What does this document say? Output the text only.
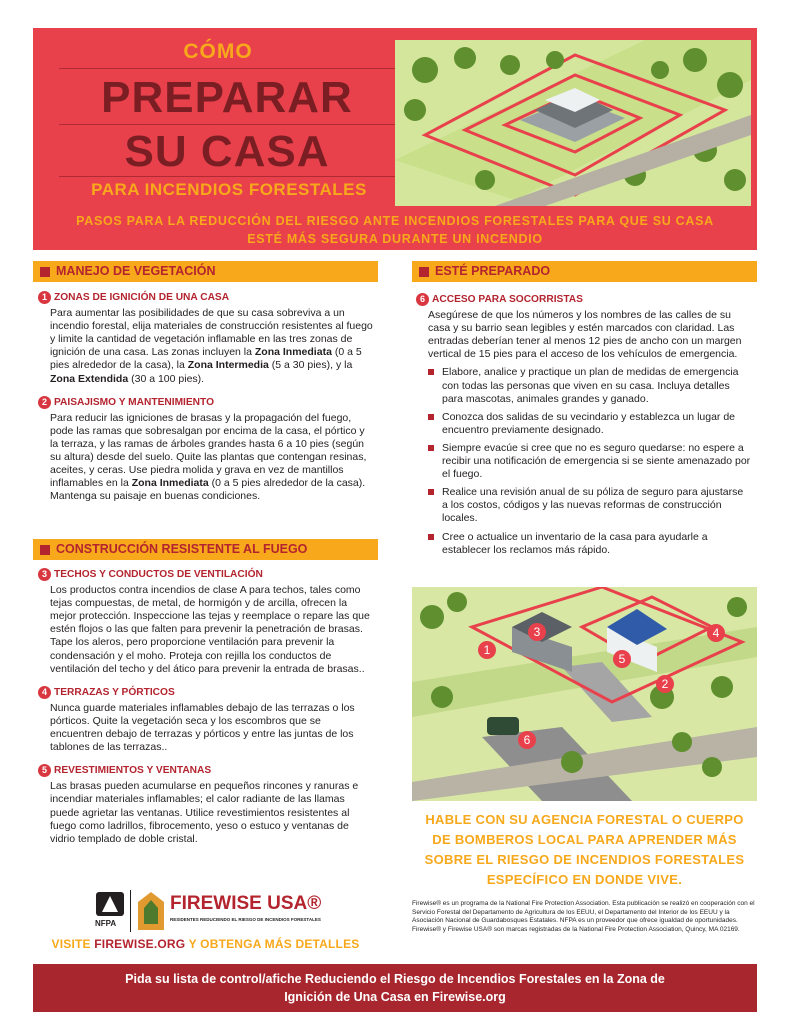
CÓMO
PREPARAR
SU CASA
PARA INCENDIOS FORESTALES
PASOS PARA LA REDUCCIÓN DEL RIESGO ANTE INCENDIOS FORESTALES PARA QUE SU CASA
ESTÉ MÁS SEGURA DURANTE UN INCENDIO
MANEJO DE VEGETACIÓN
1 ZONAS DE IGNICIÓN DE UNA CASA
Para aumentar las posibilidades de que su casa sobreviva a un incendio forestal, elija materiales de construcción resistentes al fuego y limite la cantidad de vegetación inflamable en las tres zonas de ignición de una casa. Las zonas incluyen la Zona Inmediata (0 a 5 pies alrededor de la casa), la Zona Intermedia (5 a 30 pies), y la Zona Extendida (30 a 100 pies).
2 PAISAJISMO Y MANTENIMIENTO
Para reducir las igniciones de brasas y la propagación del fuego, pode las ramas que sobresalgan por encima de la casa, el pórtico y la terraza, y las ramas de árboles grandes hasta 6 a 10 pies (según su altura) desde del suelo. Quite las plantas que contengan resinas, aceites, y ceras. Use piedra molida y grava en vez de mantillos inflamables en la Zona Inmediata (0 a 5 pies alrededor de la casa). Mantenga su paisaje en buenas condiciones.
CONSTRUCCIÓN RESISTENTE AL FUEGO
3 TECHOS Y CONDUCTOS DE VENTILACIÓN
Los productos contra incendios de clase A para techos, tales como tejas compuestas, de metal, de hormigón y de arcilla, ofrecen la mejor protección. Inspeccione las tejas y reemplace o repare las que estén flojos o las que falten para prevenir la penetración de brasas. Tape los aleros, pero proporcione ventilación para prevenir la condensación y el moho. Proteja con rejilla los conductos de ventilación del techo y del ático para prevenir la entrada de brasas..
4 TERRAZAS Y PÓRTICOS
Nunca guarde materiales inflamables debajo de las terrazas o los pórticos. Quite la vegetación seca y los escombros que se encuentren debajo de terrazas y pórticos y entre las juntas de los tablones de las terrazas..
5 REVESTIMIENTOS Y VENTANAS
Las brasas pueden acumularse en pequeños rincones y ranuras e incendiar materiales inflamables; el calor radiante de las llamas puede agrietar las ventanas. Utilice revestimientos resistentes al fuego como ladrillos, fibrocemento, yeso o estuco y ventanas de vidrio templado de doble cristal.
NFPA
FIREWISE USA®
RESIDENTES REDUCIENDO EL RIESGO DE INCENDIOS FORESTALES
VISITE FIREWISE.ORG Y OBTENGA MÁS DETALLES
ESTÉ PREPARADO
6 ACCESO PARA SOCORRISTAS
Asegúrese de que los números y los nombres de las calles de su casa y su barrio sean legibles y estén marcados con claridad. Las entradas deberían tener al menos 12 pies de ancho con un margen vertical de 15 pies para el acceso de los vehículos de emergencia.
Elabore, analice y practique un plan de medidas de emergencia con todas las personas que viven en su casa. Incluya detalles para mascotas, animales grandes y ganado.
Conozca dos salidas de su vecindario y establezca un lugar de encuentro previamente designado.
Siempre evacúe si cree que no es seguro quedarse: no espere a recibir una notificación de emergencia si se siente amenazado por el fuego.
Realice una revisión anual de su póliza de seguro para ajustarse a los costos, códigos y las nuevas reformas de construcción locales.
Cree o actualice un inventario de la casa para ayudarle a establecer los reclamos más rápido.
1
2
3	4
5
6
HABLE CON SU AGENCIA FORESTAL O CUERPO
DE BOMBEROS LOCAL PARA APRENDER MÁS
SOBRE EL RIESGO DE INCENDIOS FORESTALES
ESPECÍFICO EN DONDE VIVE.
Firewise® es un programa de la National Fire Protection Association. Esta publicación se realizó en cooperación con el Servicio Forestal del Departamento de Agricultura de los EEUU, el Departamento del Interior de los EEUU y la Asociación Nacional de Guardabosques Estatales. NFPA es un proveedor que ofrece igualdad de oportunidades. Firewise® y Firewise USA® son marcas registradas de la National Fire Protection Association, Quincy, MA 02169.
Pida su lista de control/afiche Reduciendo el Riesgo de Incendios Forestales en la Zona de
Ignición de Una Casa en Firewise.org
